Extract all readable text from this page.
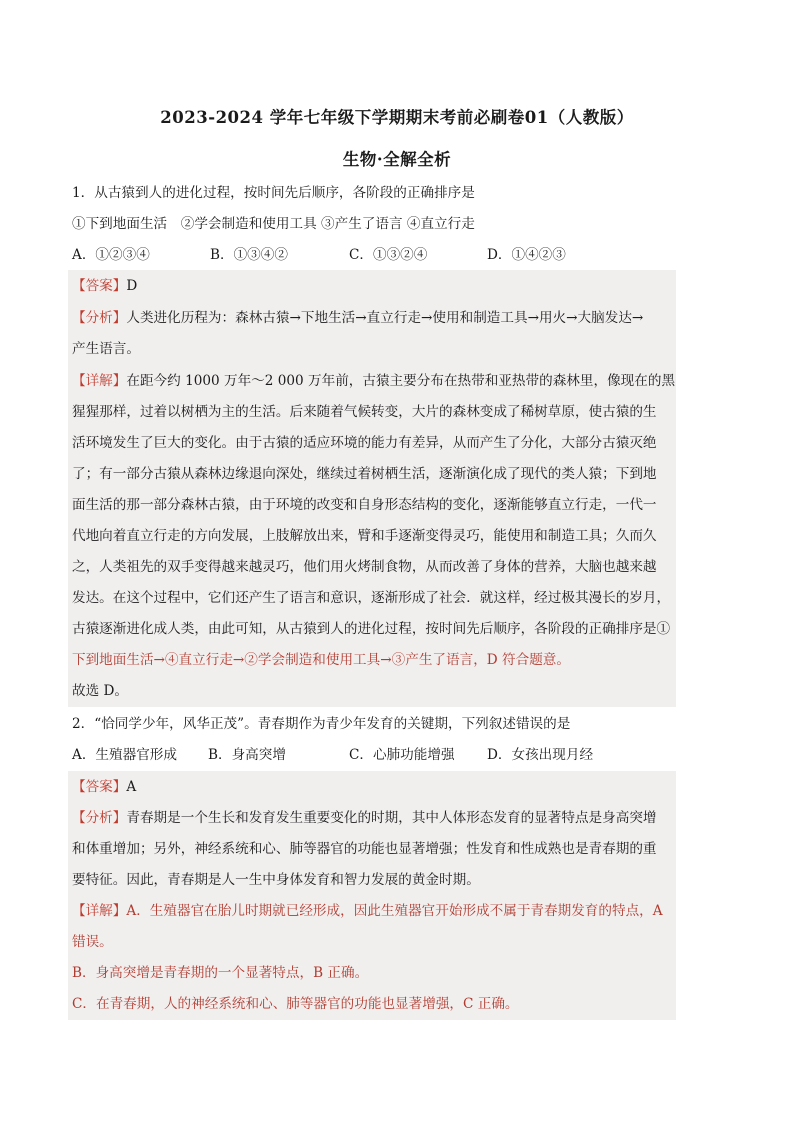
2023-2024 学年七年级下学期期末考前必刷卷01（人教版）
生物·全解全析
1．从古猿到人的进化过程，按时间先后顺序，各阶段的正确排序是
①下到地面生活　②学会制造和使用工具 ③产生了语言 ④直立行走
A．①②③④	B．①③④②	C．①③②④	D．①④②③
【答案】D
【分析】人类进化历程为：森林古猿→下地生活→直立行走→使用和制造工具→用火→大脑发达→
产生语言。
【详解】在距今约 1000 万年～2 000 万年前，古猿主要分布在热带和亚热带的森林里，像现在的黑
猩猩那样，过着以树栖为主的生活。后来随着气候转变，大片的森林变成了稀树草原，使古猿的生
活环境发生了巨大的变化。由于古猿的适应环境的能力有差异，从而产生了分化，大部分古猿灭绝
了；有一部分古猿从森林边缘退向深处，继续过着树栖生活，逐渐演化成了现代的类人猿；下到地
面生活的那一部分森林古猿，由于环境的改变和自身形态结构的变化，逐渐能够直立行走，一代一
代地向着直立行走的方向发展，上肢解放出来，臂和手逐渐变得灵巧，能使用和制造工具；久而久
之，人类祖先的双手变得越来越灵巧，他们用火烤制食物，从而改善了身体的营养，大脑也越来越
发达。在这个过程中，它们还产生了语言和意识，逐渐形成了社会．就这样，经过极其漫长的岁月，
古猿逐渐进化成人类，由此可知，从古猿到人的进化过程，按时间先后顺序，各阶段的正确排序是①
下到地面生活→④直立行走→②学会制造和使用工具→③产生了语言，D 符合题意。
故选 D。
2．“恰同学少年，风华正茂”。青春期作为青少年发育的关键期，下列叙述错误的是
A．生殖器官形成 B．身高突增	C．心肺功能增强 D．女孩出现月经
【答案】A
【分析】青春期是一个生长和发育发生重要变化的时期，其中人体形态发育的显著特点是身高突增
和体重增加；另外，神经系统和心、肺等器官的功能也显著增强；性发育和性成熟也是青春期的重
要特征。因此，青春期是人一生中身体发育和智力发展的黄金时期。
【详解】A．生殖器官在胎儿时期就已经形成，因此生殖器官开始形成不属于青春期发育的特点，A
错误。
B．身高突增是青春期的一个显著特点，B 正确。
C．在青春期，人的神经系统和心、肺等器官的功能也显著增强，C 正确。
